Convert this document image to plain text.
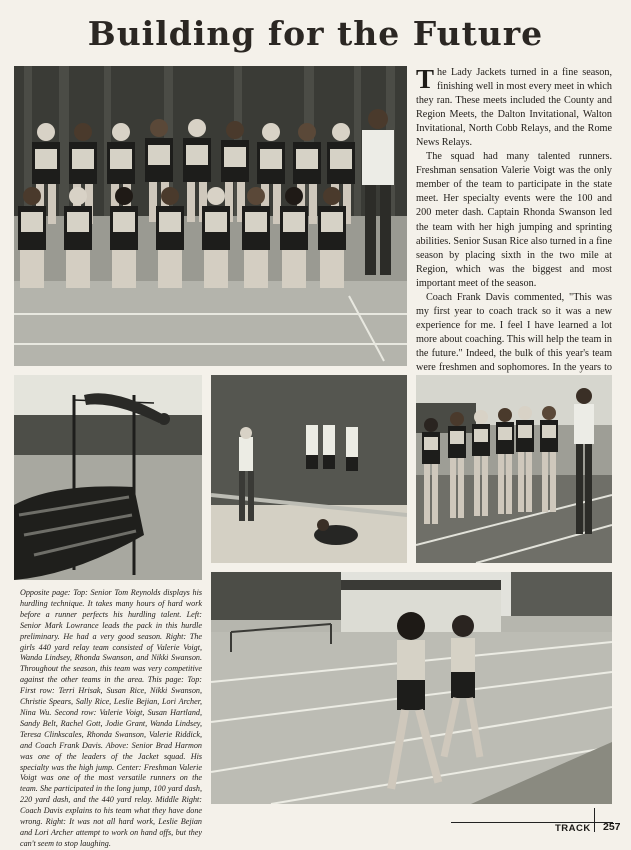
Building for the Future

The Lady Jackets turned in a fine season, finishing well in most every meet in which they ran. These meets included the County and Region Meets, the Dalton Invitational, Walton Invitational, North Cobb Relays, and the Rome News Relays.

The squad had many talented runners. Freshman sensation Valerie Voigt was the only member of the team to participate in the state meet. Her specialty events were the 100 and 200 meter dash. Captain Rhonda Swanson led the team with her high jumping and sprinting abilities. Senior Susan Rice also turned in a fine season by placing sixth in the two mile at Region, which was the biggest and most important meet of the season.

Coach Frank Davis commented, "This was my first year to coach track so it was a new experience for me. I feel I have learned a lot more about coaching. This will help the team in the future." Indeed, the bulk of this year's team were freshmen and sophomores. In the years to

Opposite page: Top: Senior Tom Reynolds displays his hurdling technique. It takes many hours of hard work before a runner perfects his hurdling talent. Left: Senior Mark Lowrance leads the pack in this hurdle preliminary. He had a very good season. Right: The girls 440 yard relay team consisted of Valerie Voigt, Wanda Lindsey, Rhonda Swanson, and Nikki Swanson. Throughout the season, this team was very competitive against the other teams in the area. This page: Top: First row: Terri Hrisak, Susan Rice, Nikki Swanson, Christie Spears, Sally Rice, Leslie Bejian, Lori Archer, Nina Wu. Second row: Valerie Voigt, Susan Hartland, Sandy Belt, Rachel Gott, Jodie Grant, Wanda Lindsey, Teresa Clinkscales, Rhonda Swanson, Valerie Riddick, and Coach Frank Davis. Above: Senior Brad Harmon was one of the leaders of the Jacket squad. His specialty was the high jump. Center: Freshman Valerie Voigt was one of the most versatile runners on the team. She participated in the long jump, 100 yard dash, 220 yard dash, and the 440 yard relay. Middle Right: Coach Davis explains to his team what they have done wrong. Right: It was not all hard work, Leslie Bejian and Lori Archer attempt to work on hand offs, but they can't seem to stop laughing.
TRACK 257
